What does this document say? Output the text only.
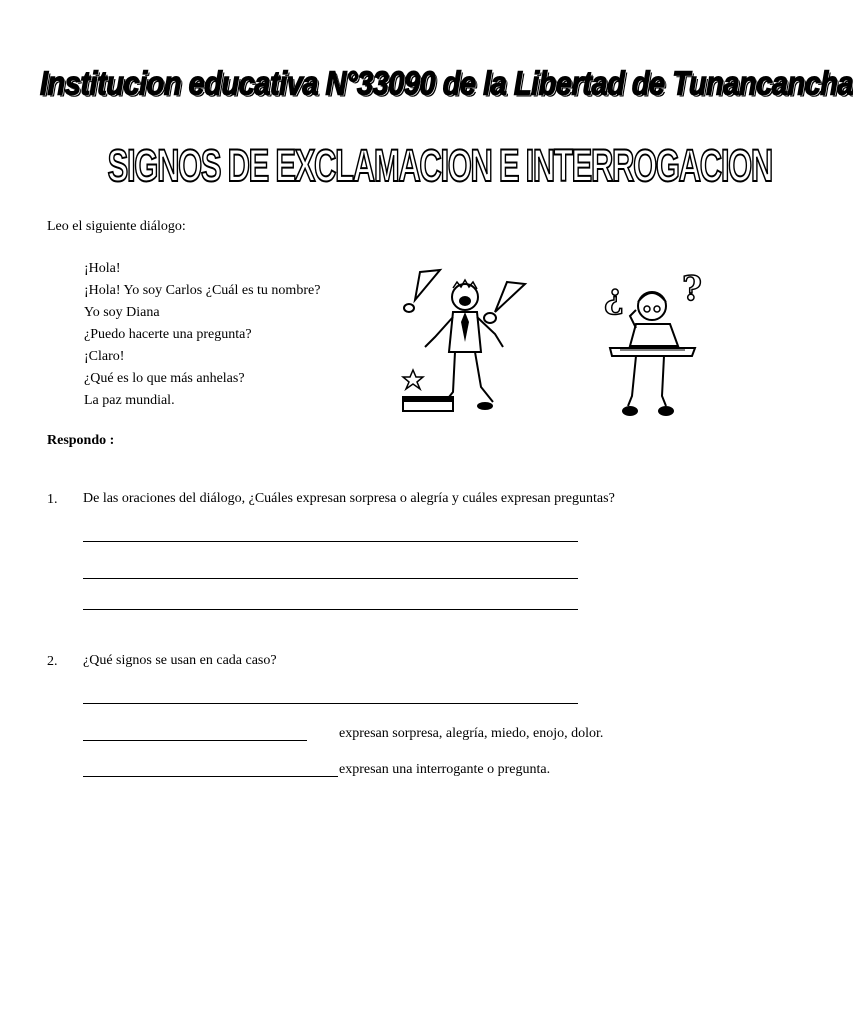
Institucion educativa N°33090 de la Libertad de Tunancancha
SIGNOS DE EXCLAMACION E INTERROGACION
Leo el siguiente diálogo:
¡Hola!
¡Hola! Yo soy Carlos ¿Cuál es tu nombre?
Yo soy Diana
¿Puedo hacerte una pregunta?
¡Claro!
¿Qué es lo que más anhelas?
La paz mundial.
¿ ?
Respondo :
1. De las oraciones del diálogo, ¿Cuáles expresan sorpresa o alegría y cuáles expresan preguntas?
2. ¿Qué signos se usan en cada caso?
expresan sorpresa, alegría, miedo, enojo, dolor.
expresan una interrogante o pregunta.
